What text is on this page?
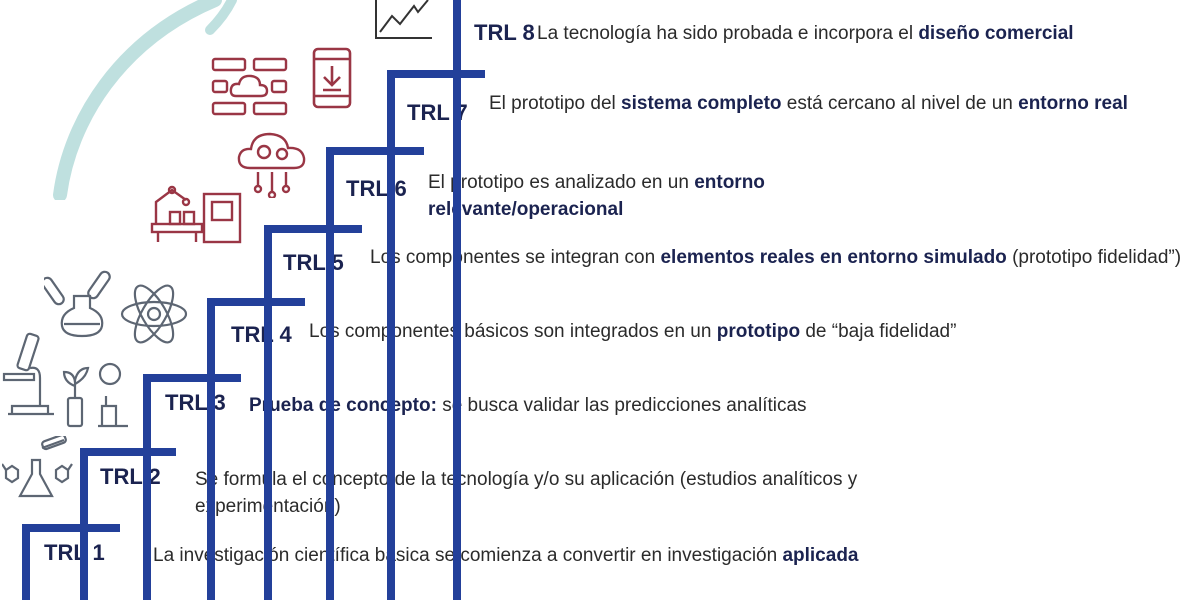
TRL 1	La investigación científica básica se comienza a convertir en investigación aplicada
TRL 2 Se formula el concepto de la tecnología y/o su aplicación (estudios analíticos y experimentación)
TRL 3 Prueba de concepto: se busca validar las predicciones analíticas
TRL 4 Los componentes básicos son integrados en un prototipo de “baja fidelidad”
TRL 5 Los componentes se integran con elementos reales en entorno simulado (prototipo fidelidad”)
TRL 6 El prototipo es analizado en un entorno relevante/operacional
TRL 7 El prototipo del sistema completo está cercano al nivel de un entorno real
TRL 8 La tecnología ha sido probada e incorpora el diseño comercial
